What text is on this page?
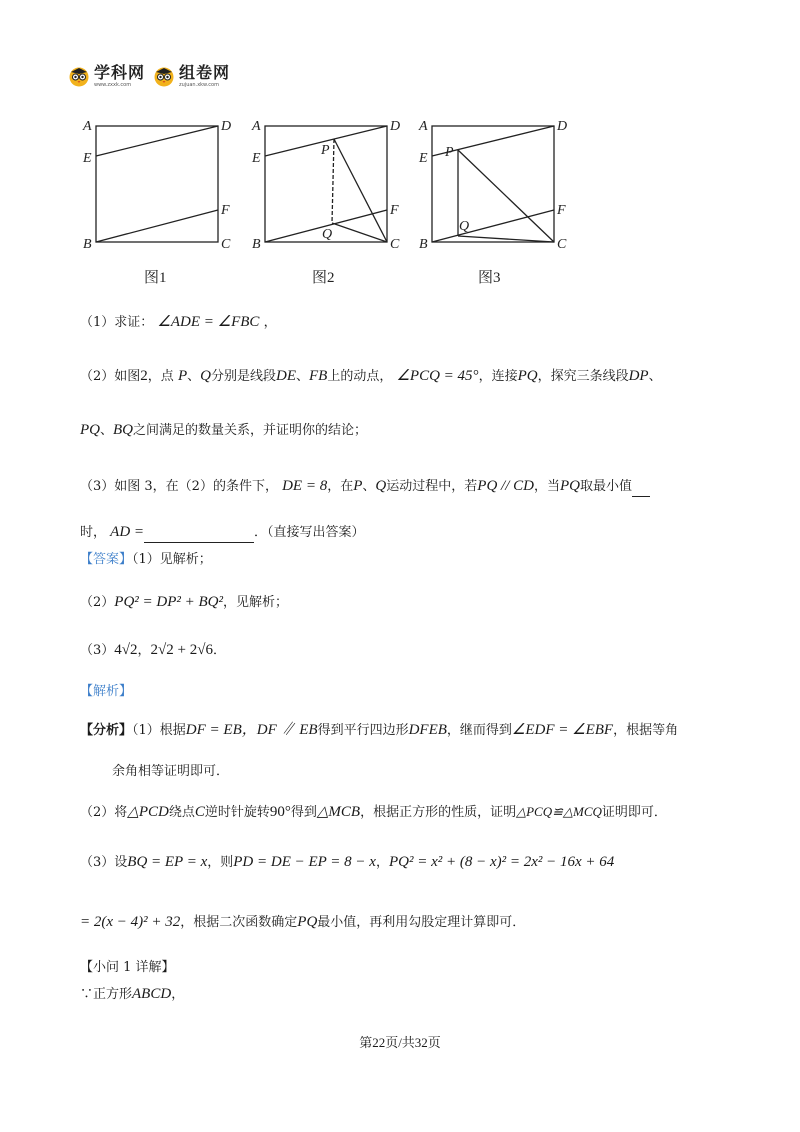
学科网
www.zxxk.com
组卷网
zujuan.xkw.com
A	D
E
F
B	C
A	D
E
F
B	C
P
Q
A	D
E
F
B	C
P
Q
图1	图2	图3
（1）求证： ∠ADE = ∠FBC ，
（2）如图2，点 P、Q分别是线段DE、FB上的动点， ∠PCQ = 45°，连接PQ，探究三条线段DP、
PQ、BQ之间满足的数量关系，并证明你的结论；
（3）如图 3，在（2）的条件下， DE = 8，在P、Q运动过程中，若PQ // CD，当PQ取最小值
时， AD =	．（直接写出答案）
【答案】（1）见解析；
（2）PQ² = DP² + BQ²，见解析；
（3）4√2，2√2 + 2√6．
【解析】
【分析】（1）根据DF = EB，DF ∥ EB得到平行四边形DFEB，继而得到∠EDF = ∠EBF，根据等角
余角相等证明即可．
（2）将△PCD绕点C逆时针旋转90°得到△MCB，根据正方形的性质，证明△PCQ≌△MCQ证明即可．
（3）设BQ = EP = x，则PD = DE − EP = 8 − x，PQ² = x² + (8 − x)² = 2x² − 16x + 64
= 2(x − 4)² + 32，根据二次函数确定PQ最小值，再利用勾股定理计算即可．
【小问 1 详解】
∵正方形ABCD，
第22页/共32页
